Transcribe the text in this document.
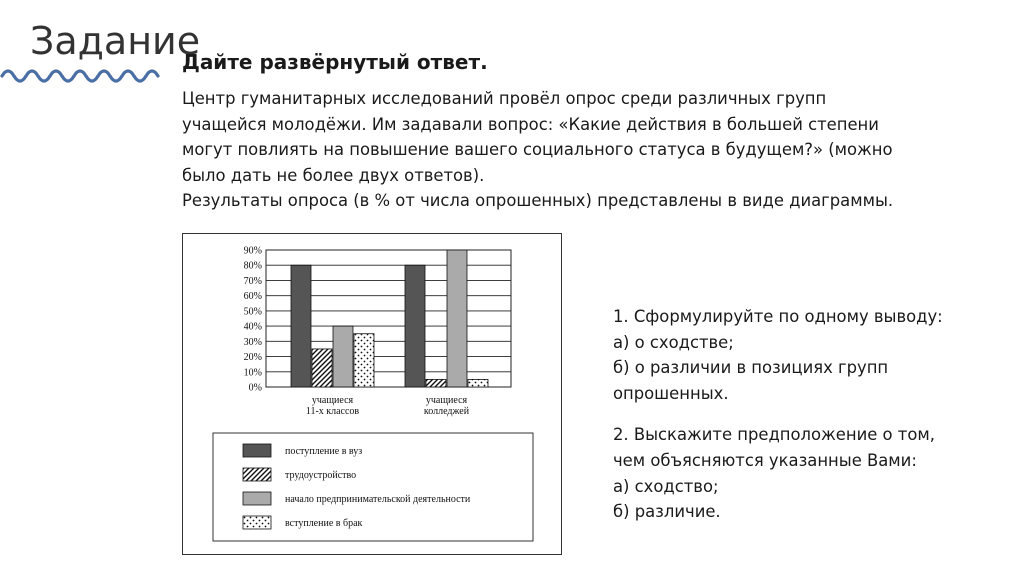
Задание
Дайте развёрнутый ответ.

Центр гуманитарных исследований провёл опрос среди различных групп

учащейся молодёжи. Им задавали вопрос: «Какие действия в большей степени

могут повлиять на повышение вашего социального статуса в будущем?» (можно

было дать не более двух ответов).

Результаты опроса (в % от числа опрошенных) представлены в виде диаграммы.

0%
10%
20%
30%
40%
50%
60%
70%
80%
90%
учащиеся
11-х классов
учащиеся
колледжей
поступление в вуз
трудоустройство
начало предпринимательской деятельности
вступление в брак

1. Сформулируйте по одному выводу:

а) о сходстве;

б) о различии в позициях групп

опрошенных.

2. Выскажите предположение о том,

чем объясняются указанные Вами:

а) сходство;

б) различие.
